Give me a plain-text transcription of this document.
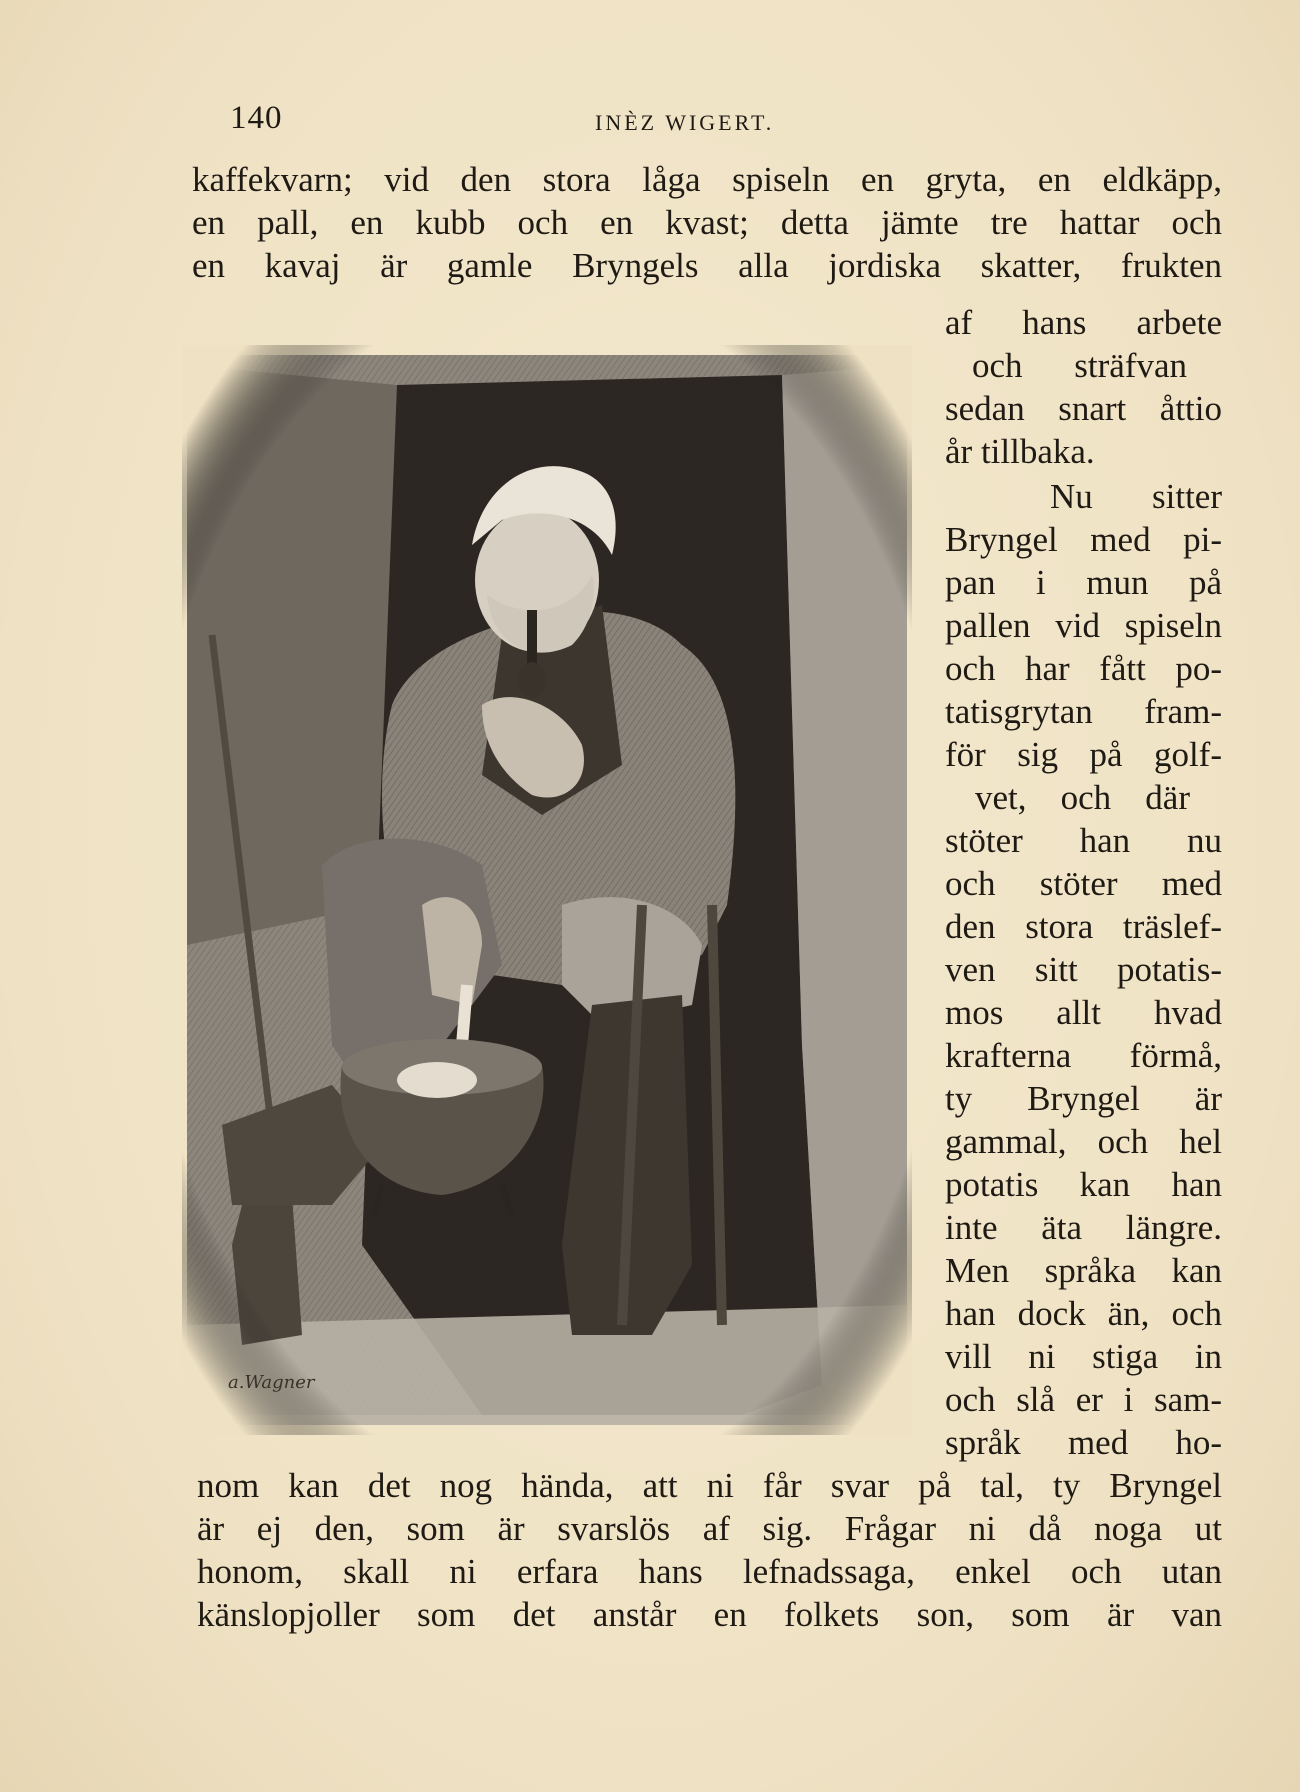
140	INÈZ WIGERT.
kaffekvarn; vid den stora låga spiseln en gryta, en eldkäpp,
en pall, en kubb och en kvast; detta jämte tre hattar och
en kavaj är gamle Bryngels alla jordiska skatter, frukten
af hans arbete
och sträfvan
sedan snart åttio
år tillbaka.
Nu sitter
Bryngel med pi-
pan i mun på
pallen vid spiseln
och har fått po-
tatisgrytan fram-
för sig på golf-
vet, och där
stöter han nu
och stöter med
den stora träslef-
ven sitt potatis-
mos allt hvad
krafterna förmå,
ty Bryngel är
gammal, och hel
potatis kan han
inte äta längre.
Men språka kan
han dock än, och
vill ni stiga in
och slå er i sam-
språk med ho-
nom kan det nog hända, att ni får svar på tal, ty Bryngel
är ej den, som är svarslös af sig. Frågar ni då noga ut
honom, skall ni erfara hans lefnadssaga, enkel och utan
känslopjoller som det anstår en folkets son, som är van
a.Wagner
